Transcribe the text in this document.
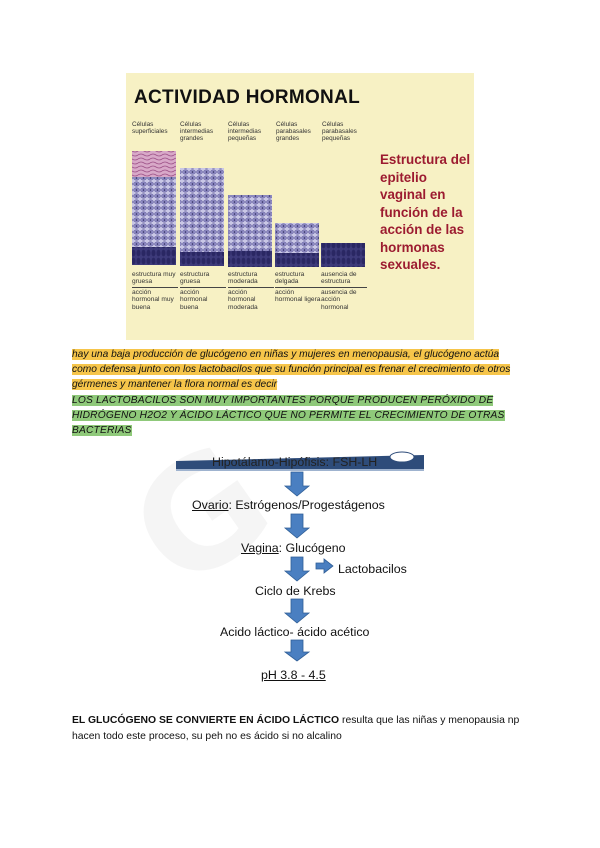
ACTIVIDAD HORMONAL
Células superficiales
Células intermedias grandes
Células intermedias pequeñas
Células parabasales grandes
Células parabasales pequeñas
estructura muy gruesa
acción hormonal muy buena
estructura gruesa
acción hormonal buena
estructura moderada
acción hormonal moderada
estructura delgada
acción hormonal ligera
ausencia de estructura
ausencia de acción hormonal
Estructura del epitelio vaginal en función de la acción de las hormonas sexuales.
hay una baja producción de glucógeno en niñas y mujeres en menopausia, el glucógeno actúa como defensa junto con los lactobacilos que su función principal es frenar el crecimiento de otros gérmenes y mantener la flora normal es decir
LOS LACTOBACILOS SON MUY IMPORTANTES PORQUE PRODUCEN PERÓXIDO DE HIDRÓGENO H2O2 Y ÁCIDO LÁCTICO QUE NO PERMITE EL CRECIMIENTO DE OTRAS BACTERIAS
Hipotálamo-Hipófisis: FSH-LH
Ovario: Estrógenos/Progestágenos
Vagina: Glucógeno
Lactobacilos
Ciclo de Krebs
Acido láctico- ácido acético
pH 3.8 - 4.5
EL GLUCÓGENO SE CONVIERTE EN ÁCIDO LÁCTICO resulta que las niñas y menopausia np hacen todo este proceso, su peh no es ácido si no alcalino
